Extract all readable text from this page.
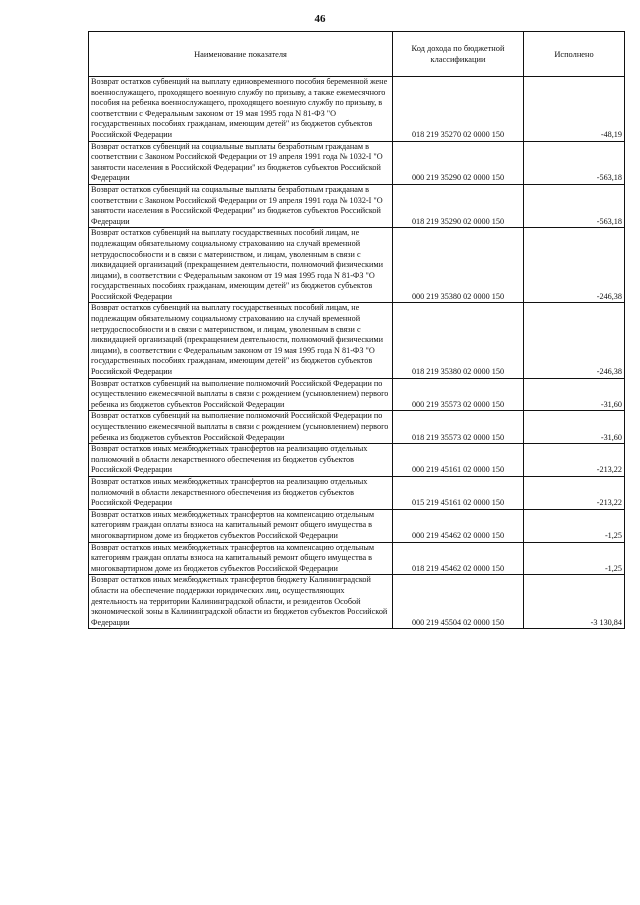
46
Наименование показателя	Код дохода по бюджетной классификации	Исполнено
Возврат остатков субвенций на выплату единовременного пособия беременной жене военнослужащего, проходящего военную службу по призыву, а также ежемесячного пособия на ребенка военнослужащего, проходящего военную службу по призыву, в соответствии с Федеральным законом от 19 мая 1995 года N 81-ФЗ "О государственных пособиях гражданам, имеющим детей" из бюджетов субъектов Российской Федерации	018 219 35270 02 0000 150	-48,19
Возврат остатков субвенций на социальные выплаты безработным гражданам в соответствии с Законом Российской Федерации от 19 апреля 1991 года № 1032-I "О занятости населения в Российской Федерации" из бюджетов субъектов Российской Федерации	000 219 35290 02 0000 150	-563,18
Возврат остатков субвенций на социальные выплаты безработным гражданам в соответствии с Законом Российской Федерации от 19 апреля 1991 года № 1032-I "О занятости населения в Российской Федерации" из бюджетов субъектов Российской Федерации	018 219 35290 02 0000 150	-563,18
Возврат остатков субвенций на выплату государственных пособий лицам, не подлежащим обязательному социальному страхованию на случай временной нетрудоспособности и в связи с материнством, и лицам, уволенным в связи с ликвидацией организаций (прекращением деятельности, полномочий физическими лицами), в соответствии с Федеральным законом от 19 мая 1995 года N 81-ФЗ "О государственных пособиях гражданам, имеющим детей" из бюджетов субъектов Российской Федерации	000 219 35380 02 0000 150	-246,38
Возврат остатков субвенций на выплату государственных пособий лицам, не подлежащим обязательному социальному страхованию на случай временной нетрудоспособности и в связи с материнством, и лицам, уволенным в связи с ликвидацией организаций (прекращением деятельности, полномочий физическими лицами), в соответствии с Федеральным законом от 19 мая 1995 года N 81-ФЗ "О государственных пособиях гражданам, имеющим детей" из бюджетов субъектов Российской Федерации	018 219 35380 02 0000 150	-246,38
Возврат остатков субвенций на выполнение полномочий Российской Федерации по осуществлению ежемесячной выплаты в связи с рождением (усыновлением) первого ребенка из бюджетов субъектов Российской Федерации	000 219 35573 02 0000 150	-31,60
Возврат остатков субвенций на выполнение полномочий Российской Федерации по осуществлению ежемесячной выплаты в связи с рождением (усыновлением) первого ребенка из бюджетов субъектов Российской Федерации	018 219 35573 02 0000 150	-31,60
Возврат остатков иных межбюджетных трансфертов на реализацию отдельных полномочий в области лекарственного обеспечения из бюджетов субъектов Российской Федерации	000 219 45161 02 0000 150	-213,22
Возврат остатков иных межбюджетных трансфертов на реализацию отдельных полномочий в области лекарственного обеспечения из бюджетов субъектов Российской Федерации	015 219 45161 02 0000 150	-213,22
Возврат остатков иных межбюджетных трансфертов на компенсацию отдельным категориям граждан оплаты взноса на капитальный ремонт общего имущества в многоквартирном доме из бюджетов субъектов Российской Федерации	000 219 45462 02 0000 150	-1,25
Возврат остатков иных межбюджетных трансфертов на компенсацию отдельным категориям граждан оплаты взноса на капитальный ремонт общего имущества в многоквартирном доме из бюджетов субъектов Российской Федерации	018 219 45462 02 0000 150	-1,25
Возврат остатков иных межбюджетных трансфертов бюджету Калининградской области на обеспечение поддержки юридических лиц, осуществляющих деятельность на территории Калининградской области, и резидентов Особой экономической зоны в Калининградской области из бюджетов субъектов Российской Федерации	000 219 45504 02 0000 150	-3 130,84
